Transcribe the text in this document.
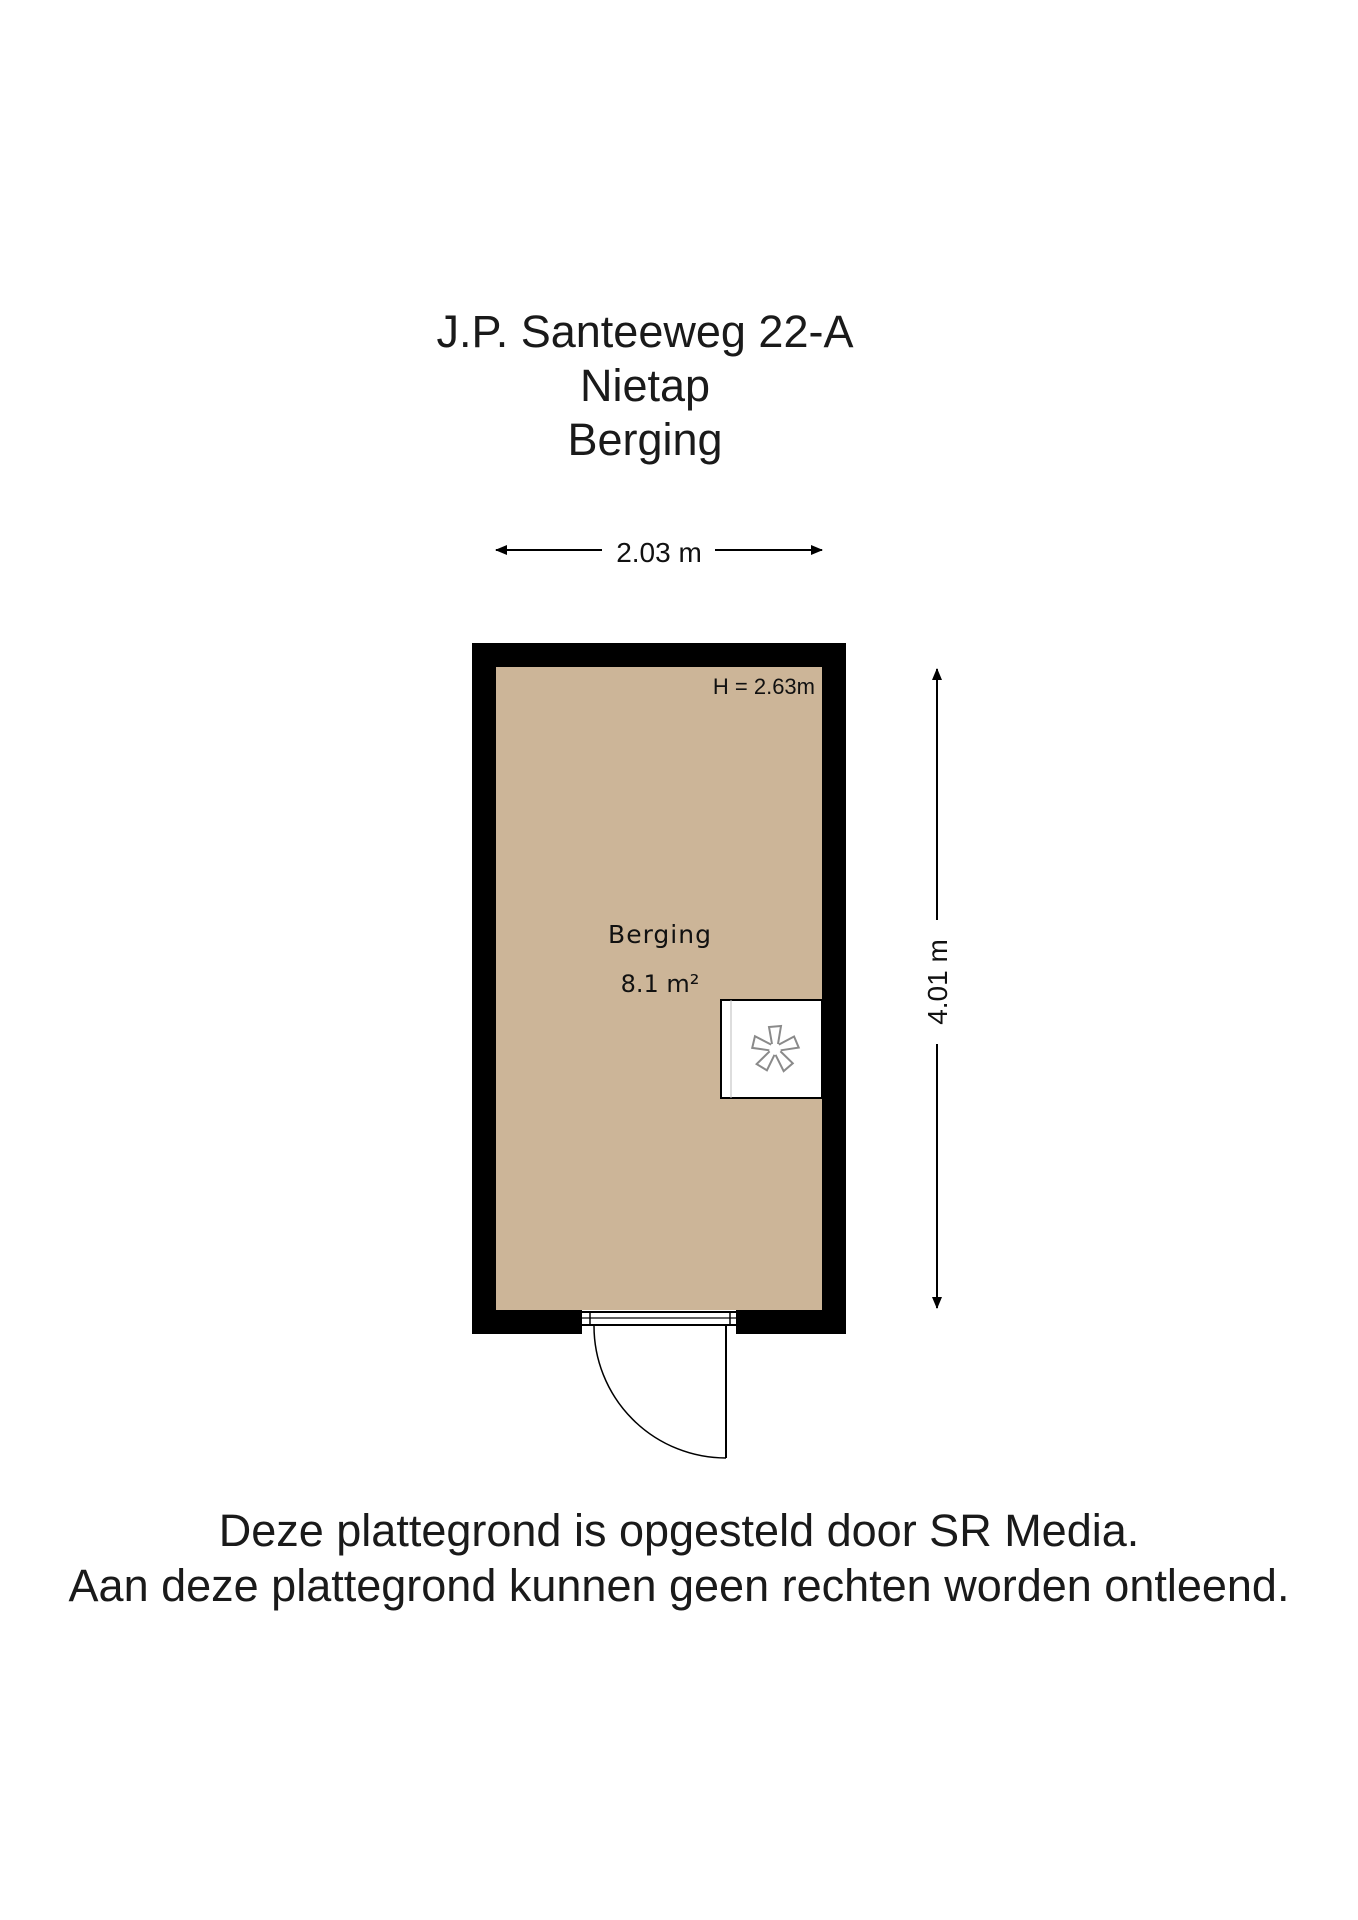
J.P. Santeeweg 22-A
Nietap
Berging
2.03 m
4.01 m
H = 2.63m
Berging
8.1 m²
Deze plattegrond is opgesteld door SR Media.
Aan deze plattegrond kunnen geen rechten worden ontleend.
